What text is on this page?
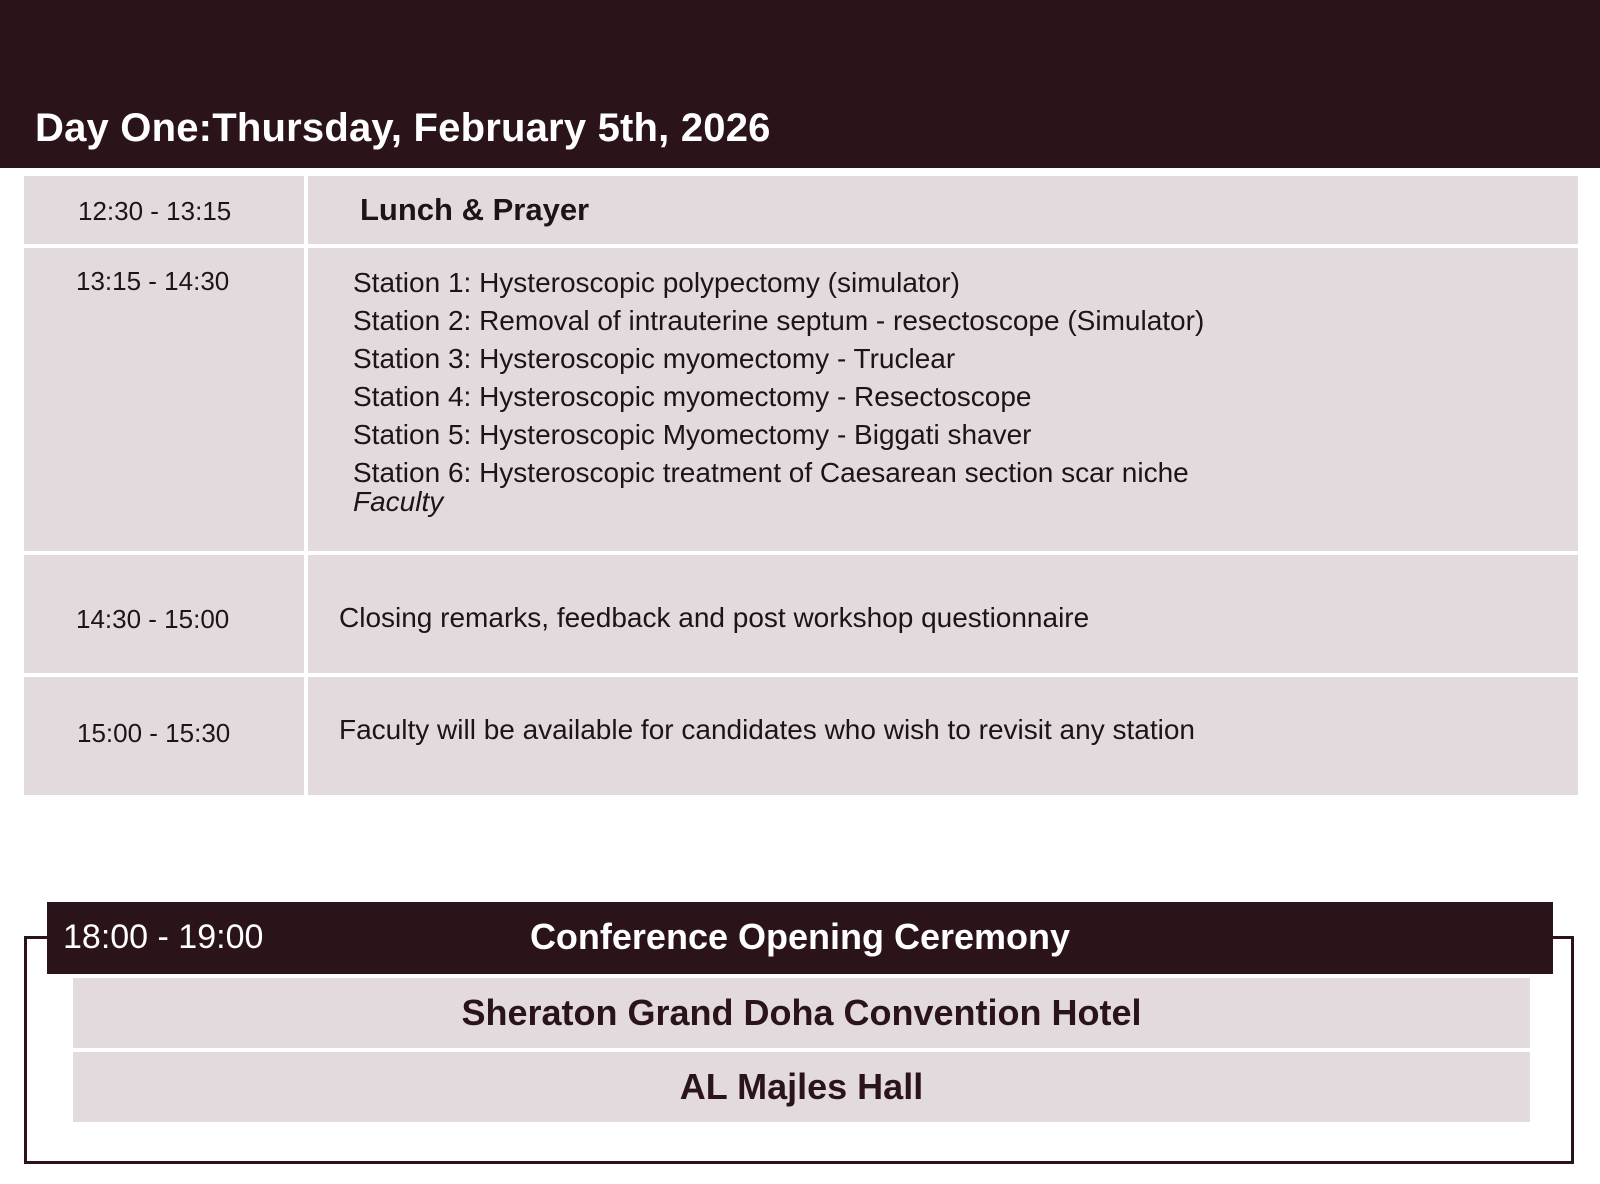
Day One:Thursday, February 5th, 2026
12:30 - 13:15	Lunch & Prayer
13:15 - 14:30	Station 1: Hysteroscopic polypectomy (simulator)
Station 2: Removal of intrauterine septum - resectoscope (Simulator)
Station 3: Hysteroscopic myomectomy - Truclear
Station 4: Hysteroscopic myomectomy - Resectoscope
Station 5: Hysteroscopic Myomectomy - Biggati shaver
Station 6: Hysteroscopic treatment of Caesarean section scar niche
Faculty
14:30 - 15:00	Closing remarks, feedback and post workshop questionnaire
15:00 - 15:30	Faculty will be available for candidates who wish to revisit any station
18:00 - 19:00	Conference Opening Ceremony
Sheraton Grand Doha Convention Hotel
AL Majles Hall
